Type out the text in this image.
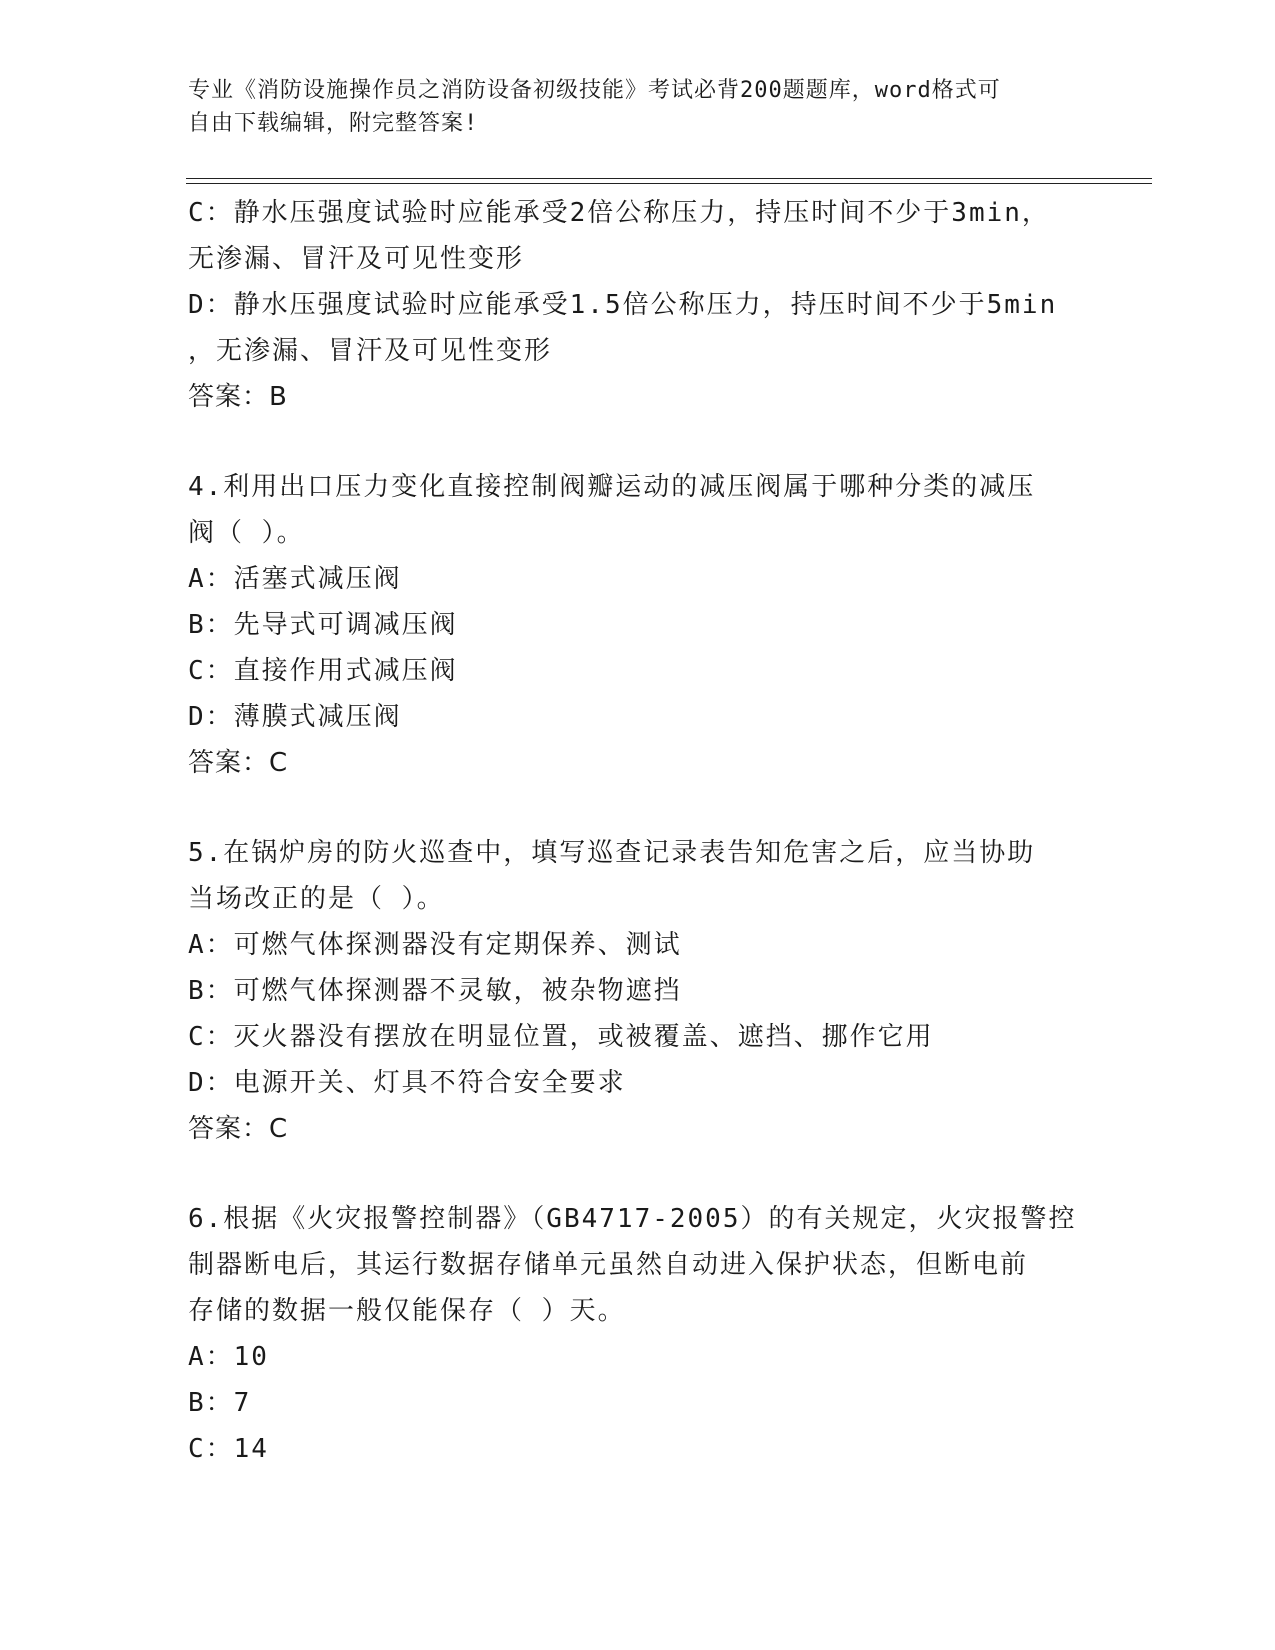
专业《消防设施操作员之消防设备初级技能》考试必背200题题库，word格式可
自由下载编辑，附完整答案!
C：静水压强度试验时应能承受2倍公称压力，持压时间不少于3min，
无渗漏、冒汗及可见性变形
D：静水压强度试验时应能承受1.5倍公称压力，持压时间不少于5min
，无渗漏、冒汗及可见性变形
答案：B
4.利用出口压力变化直接控制阀瓣运动的减压阀属于哪种分类的减压
阀（ ）。
A：活塞式减压阀
B：先导式可调减压阀
C：直接作用式减压阀
D：薄膜式减压阀
答案：C
5.在锅炉房的防火巡查中，填写巡查记录表告知危害之后，应当协助
当场改正的是（ ）。
A：可燃气体探测器没有定期保养、测试
B：可燃气体探测器不灵敏，被杂物遮挡
C：灭火器没有摆放在明显位置，或被覆盖、遮挡、挪作它用
D：电源开关、灯具不符合安全要求
答案：C
6.根据《火灾报警控制器》（GB4717-2005）的有关规定，火灾报警控
制器断电后，其运行数据存储单元虽然自动进入保护状态，但断电前
存储的数据一般仅能保存（ ）天。
A：10
B：7
C：14
